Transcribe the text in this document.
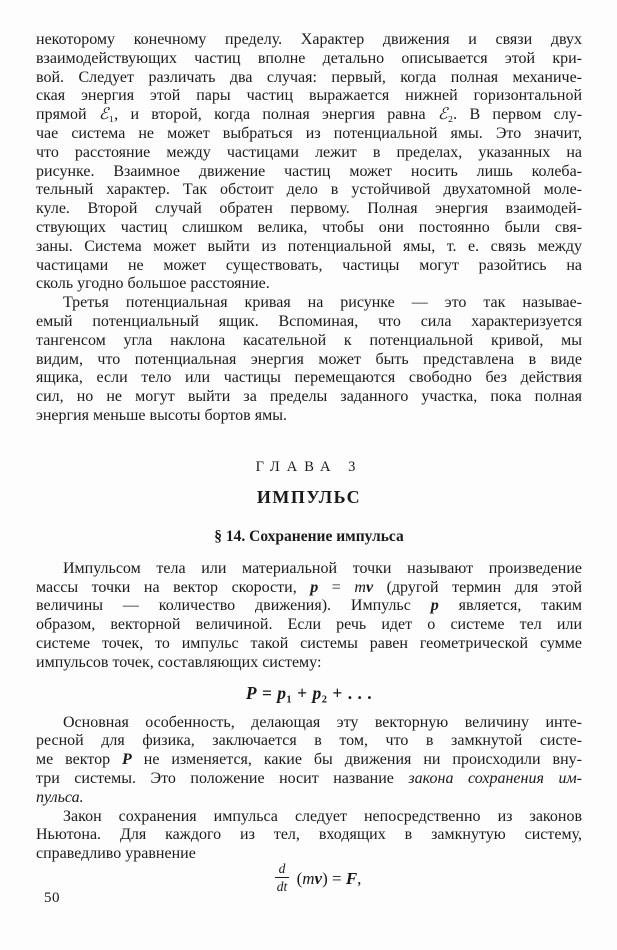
некоторому конечному пределу. Характер движения и связи двух
взаимодействующих частиц вполне детально описывается этой кри-
вой. Следует различать два случая: первый, когда полная механиче-
ская энергия этой пары частиц выражается нижней горизонтальной
прямой ℰ₁, и второй, когда полная энергия равна ℰ₂. В первом слу-
чае система не может выбраться из потенциальной ямы. Это значит,
что расстояние между частицами лежит в пределах, указанных на
рисунке. Взаимное движение частиц может носить лишь колеба-
тельный характер. Так обстоит дело в устойчивой двухатомной моле-
куле. Второй случай обратен первому. Полная энергия взаимодей-
ствующих частиц слишком велика, чтобы они постоянно были свя-
заны. Система может выйти из потенциальной ямы, т. е. связь между
частицами не может существовать, частицы могут разойтись на
сколь угодно большое расстояние.
Третья потенциальная кривая на рисунке — это так называе-
емый потенциальный ящик. Вспоминая, что сила характеризуется
тангенсом угла наклона касательной к потенциальной кривой, мы
видим, что потенциальная энергия может быть представлена в виде
ящика, если тело или частицы перемещаются свободно без действия
сил, но не могут выйти за пределы заданного участка, пока полная
энергия меньше высоты бортов ямы.
ГЛАВА 3
ИМПУЛЬС
§ 14. Сохранение импульса
Импульсом тела или материальной точки называют произведение
массы точки на вектор скорости, p = mv (другой термин для этой
величины — количество движения). Импульс p является, таким
образом, векторной величиной. Если речь идет о системе тел или
системе точек, то импульс такой системы равен геометрической сумме
импульсов точек, составляющих систему:
P = p₁ + p₂ + . . .
Основная особенность, делающая эту векторную величину инте-
ресной для физика, заключается в том, что в замкнутой систе-
ме вектор P не изменяется, какие бы движения ни происходили вну-
три системы. Это положение носит название закона сохранения им-
пульса.
Закон сохранения импульса следует непосредственно из законов
Ньютона. Для каждого из тел, входящих в замкнутую систему,
справедливо уравнение
$\frac{d}{dt} (mv) = F$,
50
